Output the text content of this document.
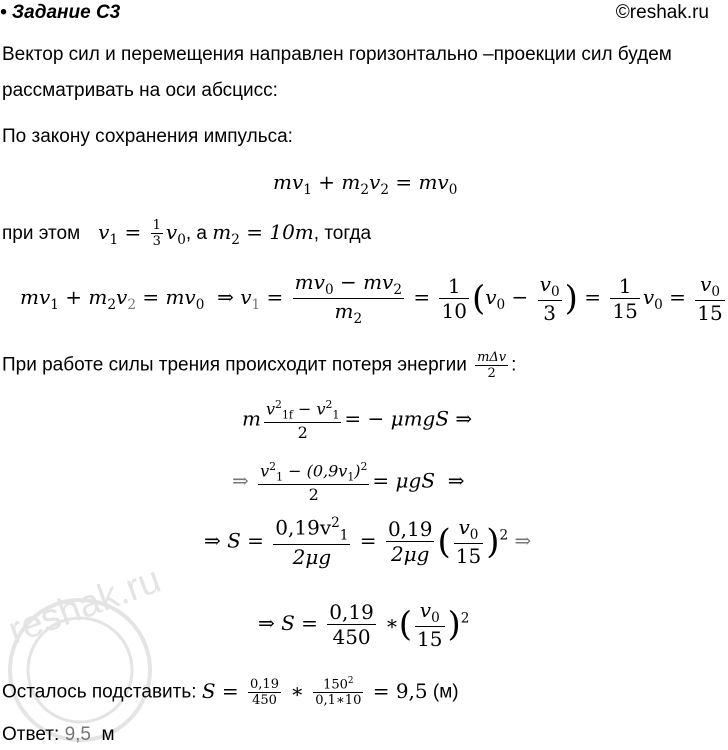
reshak.ru
• Задание С3	©reshak.ru
Вектор сил и перемещения направлен горизонтально –проекции сил будем
рассматривать на оси абсцисс:
По закону сохранения импульса:
$mv_1 + m_2v_2 = mv_0$
при этом   $v_1 = \frac{1}{3} v_0$, а $m_2 = 10m$, тогда
$mv_1 + m_2v_2 = mv_0$ ⇒ $v_1 = \frac{mv_0 - mv_2}{m_2} = \frac{1}{10} (v_0 - \frac{v_0}{3}$ ) = $\frac{1}{15} v_0 = \frac{v_0}{15}$
При работе силы трения происходит потеря энергии $\frac{\text{mΔv}}{2}$ :
m $\frac{v^2_{1f} - v^2_1}{2}$ = − μmgS ⇒
⇒ $\frac{v^2_1 - (0,9v_1)^2}{2} = \mu gS$  ⇒
⇒ $S = \frac{0,19v^2_1}{2\mu g} = \frac{0,19}{2\mu g}$ ( $\frac{v_0}{15} )^2$ ⇒
⇒ $S = \frac{0,19}{450}$ ∗( $\frac{v_0}{15} )^2$
Осталось подставить: $S = \frac{0,19}{450}$ ∗ $\frac{150^2}{0,1∗10} = 9,5$ (м)
Ответ: 9,5 м
